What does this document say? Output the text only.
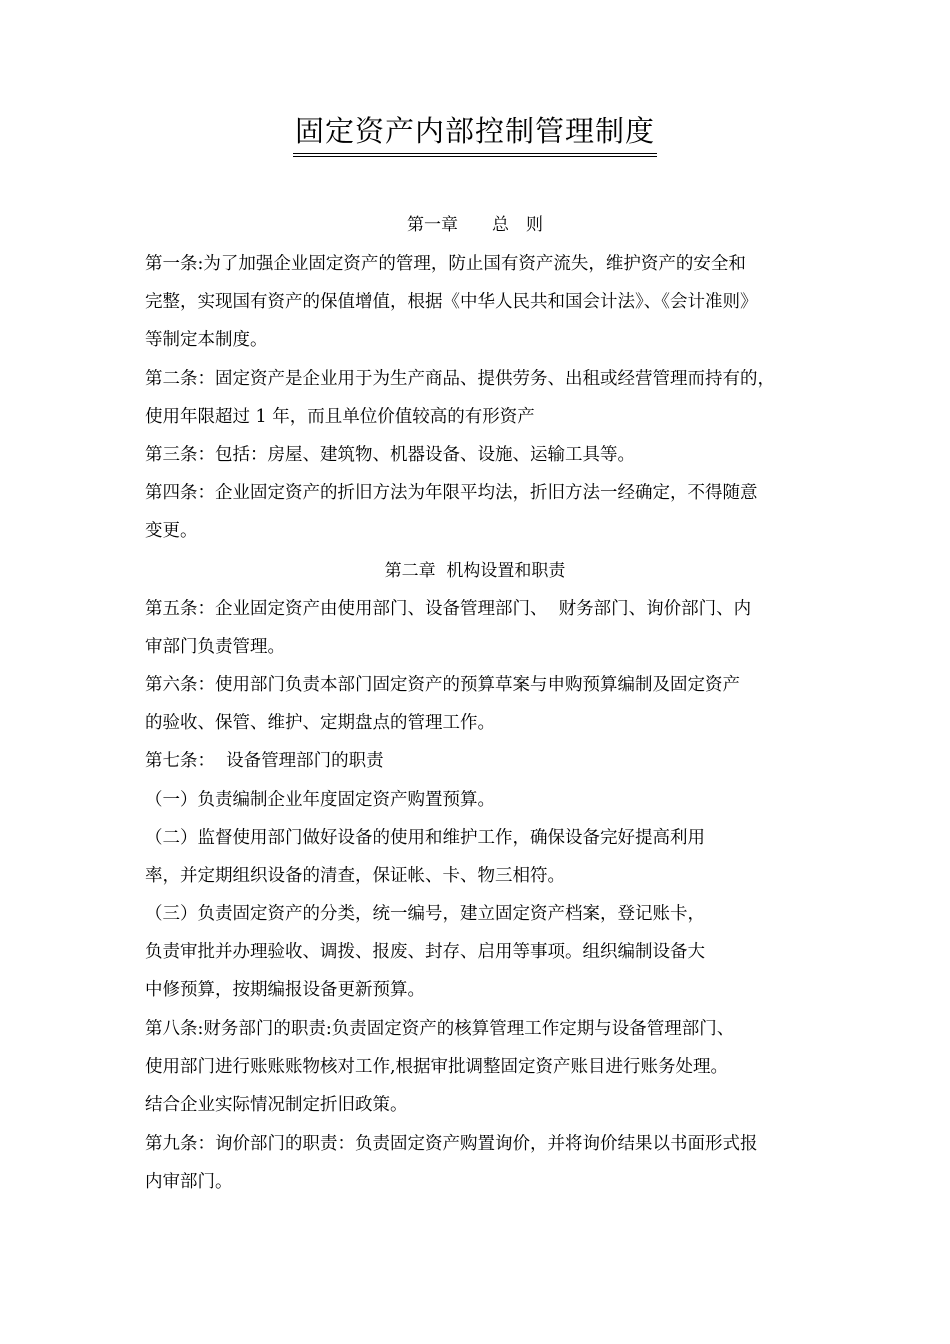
固定资产内部控制管理制度
第一章　　总　则
第一条:为了加强企业固定资产的管理，防止国有资产流失，维护资产的安全和
完整，实现国有资产的保值增值，根据《中华人民共和国会计法》、《会计准则》
等制定本制度。
第二条：固定资产是企业用于为生产商品、提供劳务、出租或经营管理而持有的，
使用年限超过 1 年，而且单位价值较高的有形资产
第三条：包括：房屋、建筑物、机器设备、设施、运输工具等。
第四条：企业固定资产的折旧方法为年限平均法，折旧方法一经确定，不得随意
变更。
第二章  机构设置和职责
第五条：企业固定资产由使用部门、设备管理部门、  财务部门、询价部门、内
审部门负责管理。
第六条：使用部门负责本部门固定资产的预算草案与申购预算编制及固定资产
的验收、保管、维护、定期盘点的管理工作。
第七条：  设备管理部门的职责
（一）负责编制企业年度固定资产购置预算。
（二）监督使用部门做好设备的使用和维护工作，确保设备完好提高利用
率，并定期组织设备的清查，保证帐、卡、物三相符。
（三）负责固定资产的分类，统一编号，建立固定资产档案，登记账卡，
负责审批并办理验收、调拨、报废、封存、启用等事项。组织编制设备大
中修预算，按期编报设备更新预算。
第八条:财务部门的职责:负责固定资产的核算管理工作定期与设备管理部门、
使用部门进行账账账物核对工作,根据审批调整固定资产账目进行账务处理。
结合企业实际情况制定折旧政策。
第九条：询价部门的职责：负责固定资产购置询价，并将询价结果以书面形式报
内审部门。
